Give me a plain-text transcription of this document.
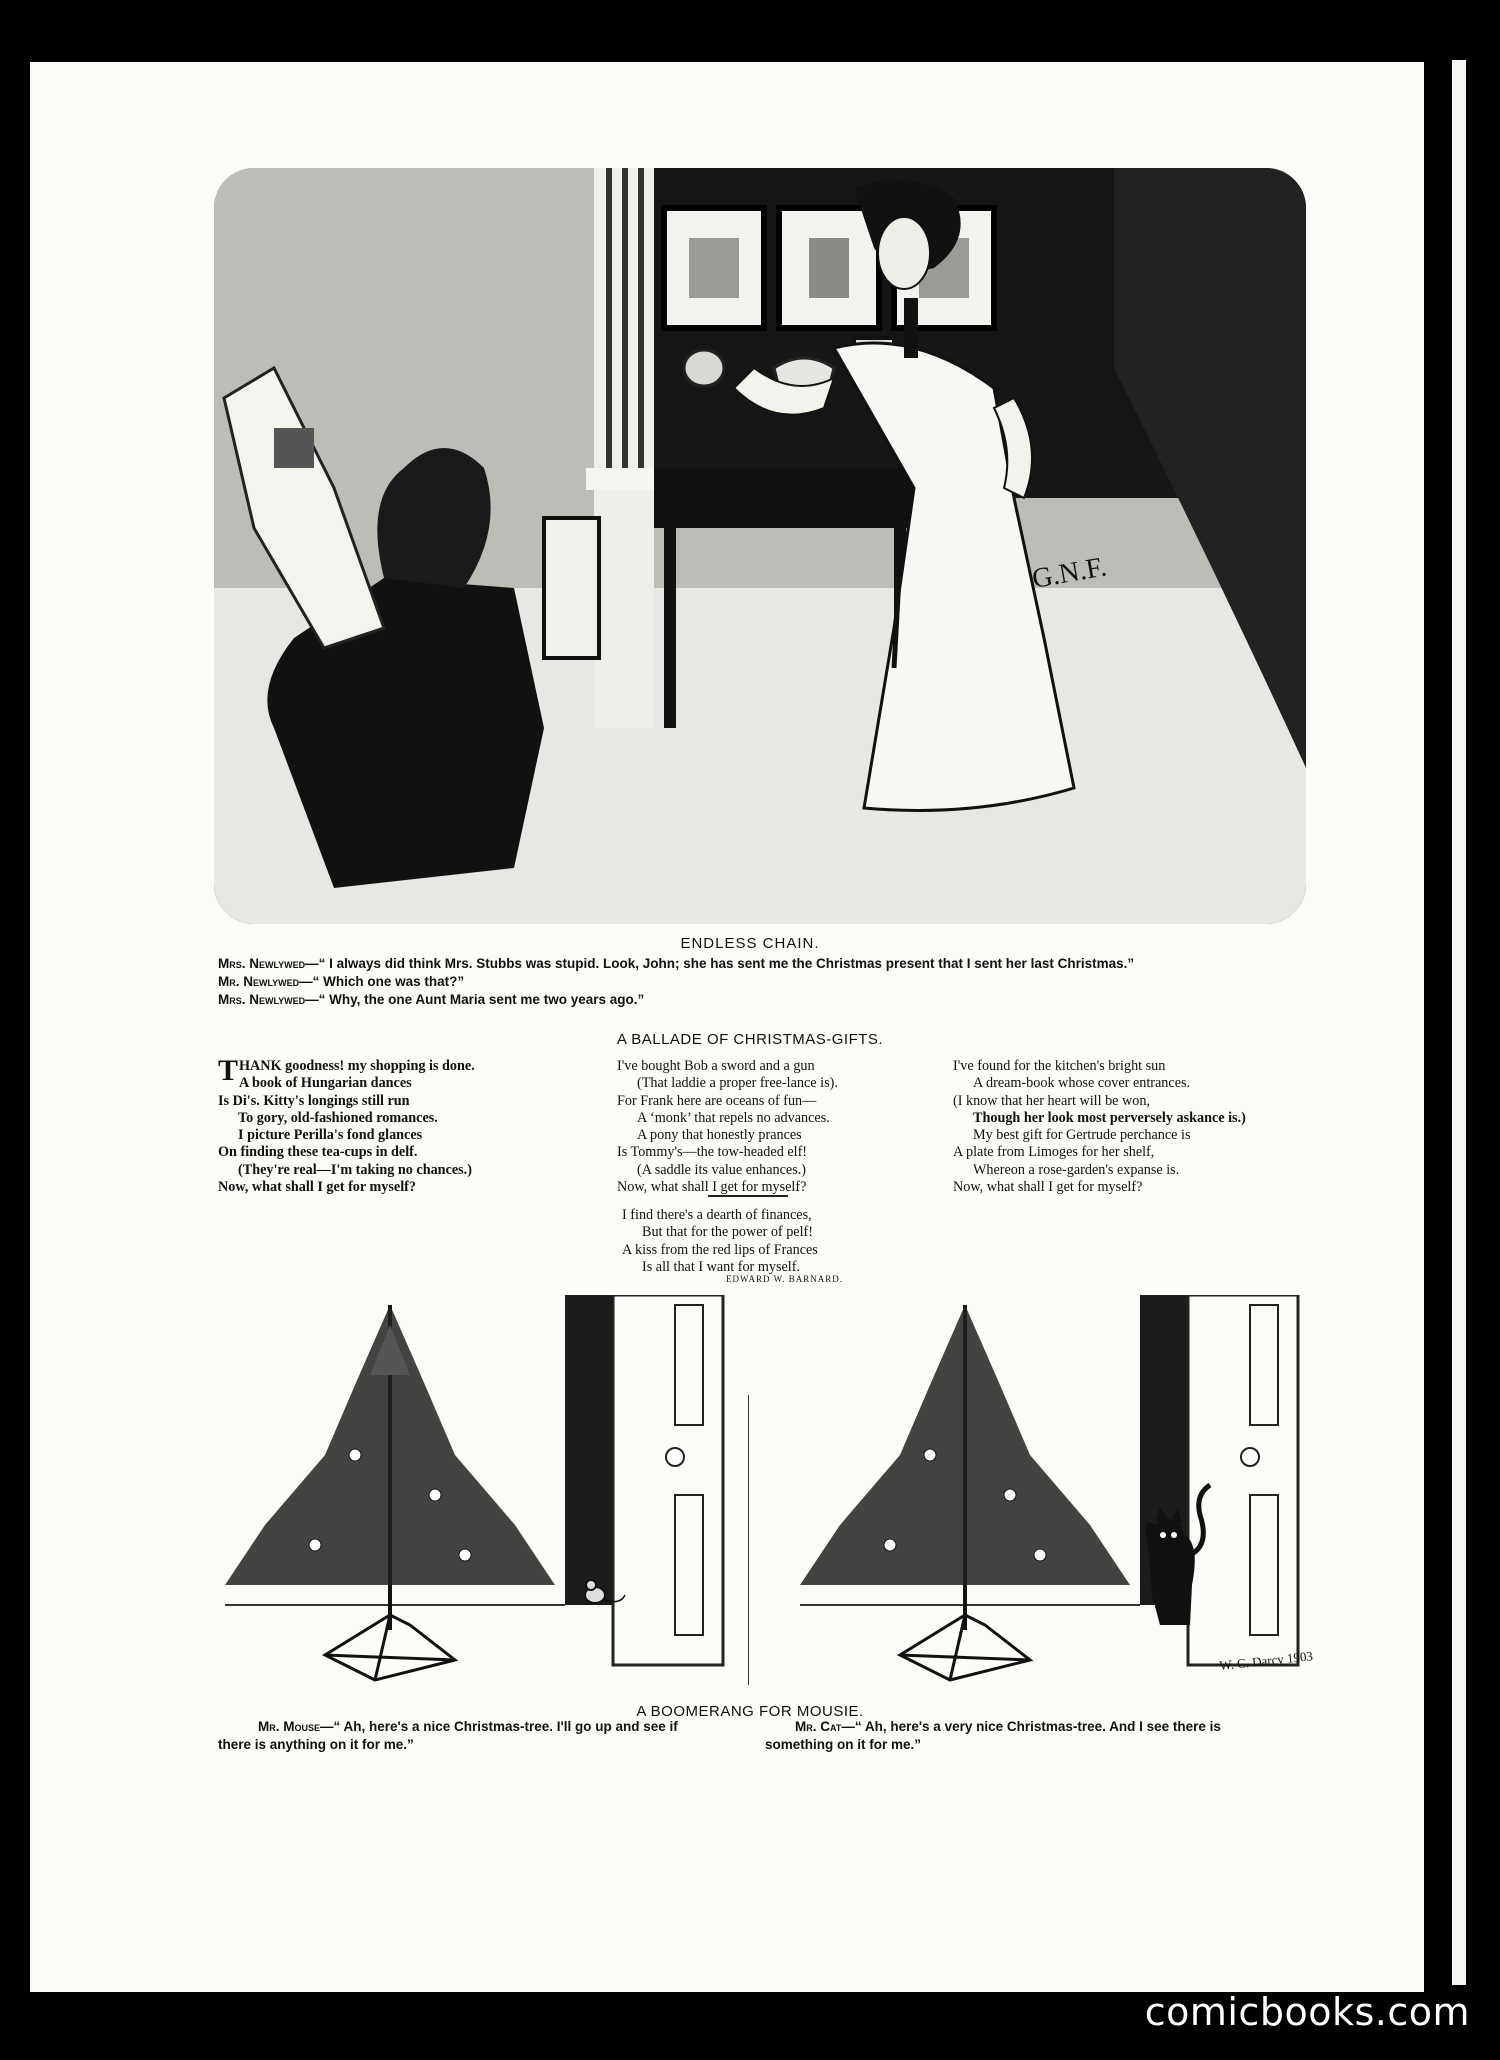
G.N.F.
ENDLESS CHAIN.
Mrs. Newlywed—“ I always did think Mrs. Stubbs was stupid. Look, John; she has sent me the Christmas present that I sent her last Christmas.”
Mr. Newlywed—“ Which one was that?”
Mrs. Newlywed—“ Why, the one Aunt Maria sent me two years ago.”
A BALLADE OF CHRISTMAS-GIFTS.
THANK goodness! my shopping is done.
A book of Hungarian dances
Is Di's. Kitty's longings still run
To gory, old-fashioned romances.
I picture Perilla's fond glances
On finding these tea-cups in delf.
(They're real—I'm taking no chances.)
Now, what shall I get for myself?
I've bought Bob a sword and a gun
(That laddie a proper free-lance is).
For Frank here are oceans of fun—
A ‘monk’ that repels no advances.
A pony that honestly prances
Is Tommy's—the tow-headed elf!
(A saddle its value enhances.)
Now, what shall I get for myself?
I've found for the kitchen's bright sun
A dream-book whose cover entrances.
(I know that her heart will be won,
Though her look most perversely askance is.)
My best gift for Gertrude perchance is
A plate from Limoges for her shelf,
Whereon a rose-garden's expanse is.
Now, what shall I get for myself?
I find there's a dearth of finances,
But that for the power of pelf!
A kiss from the red lips of Frances
Is all that I want for myself.
EDWARD W. BARNARD.
W. C. Darcy 1903
A BOOMERANG FOR MOUSIE.
Mr. Mouse—“ Ah, here's a nice Christmas-tree. I'll go up and see if
there is anything on it for me.”
Mr. Cat—“ Ah, here's a very nice Christmas-tree. And I see there is
something on it for me.”
comicbooks.com
